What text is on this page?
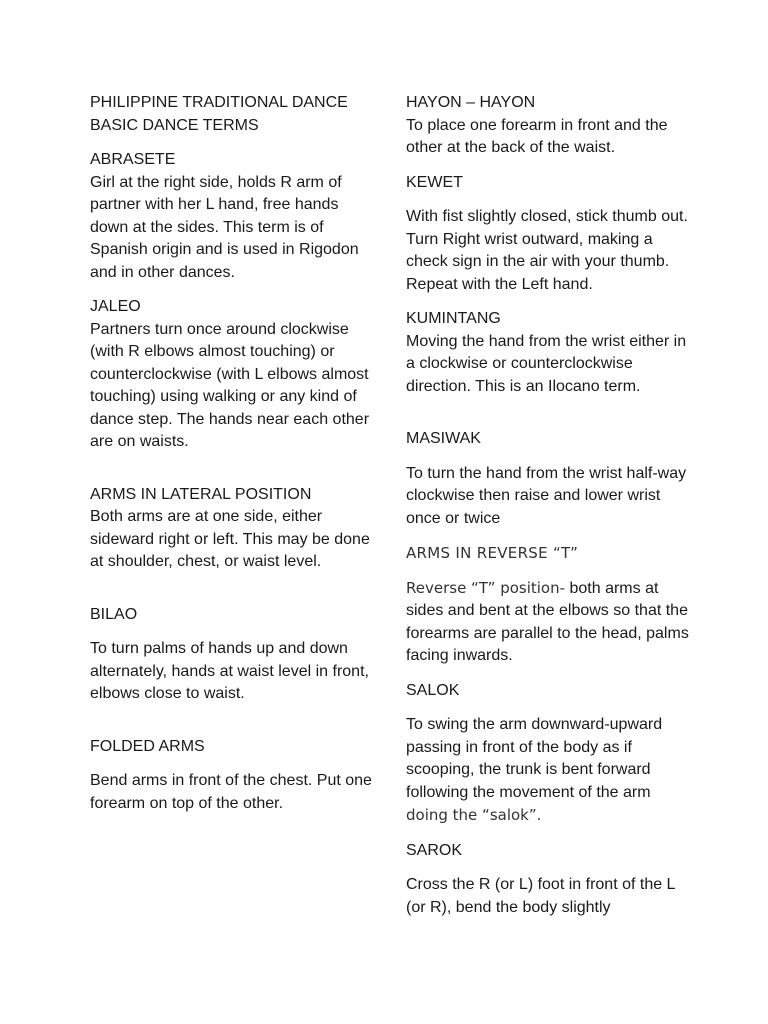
PHILIPPINE TRADITIONAL DANCE

BASIC DANCE TERMS

ABRASETE

Girl at the right side, holds R arm of partner with her L hand, free hands down at the sides. This term is of Spanish origin and is used in Rigodon and in other dances.

JALEO

Partners turn once around clockwise (with R elbows almost touching) or counterclockwise (with L elbows almost touching) using walking or any kind of dance step. The hands near each other are on waists.

ARMS IN LATERAL POSITION

Both arms are at one side, either sideward right or left. This may be done at shoulder, chest, or waist level.

BILAO

To turn palms of hands up and down alternately, hands at waist level in front, elbows close to waist.

FOLDED ARMS

Bend arms in front of the chest. Put one forearm on top of the other.

HAYON – HAYON

To place one forearm in front and the other at the back of the waist.

KEWET

With fist slightly closed, stick thumb out. Turn Right wrist outward, making a check sign in the air with your thumb. Repeat with the Left hand.

KUMINTANG

Moving the hand from the wrist either in a clockwise or counterclockwise direction. This is an Ilocano term.

MASIWAK

To turn the hand from the wrist half-way clockwise then raise and lower wrist once or twice

ARMS IN REVERSE “T”

Reverse “T” position- both arms at sides and bent at the elbows so that the forearms are parallel to the head, palms facing inwards.

SALOK

To swing the arm downward-upward passing in front of the body as if scooping, the trunk is bent forward following the movement of the arm doing the “salok”.

SAROK

Cross the R (or L) foot in front of the L (or R), bend the body slightly
